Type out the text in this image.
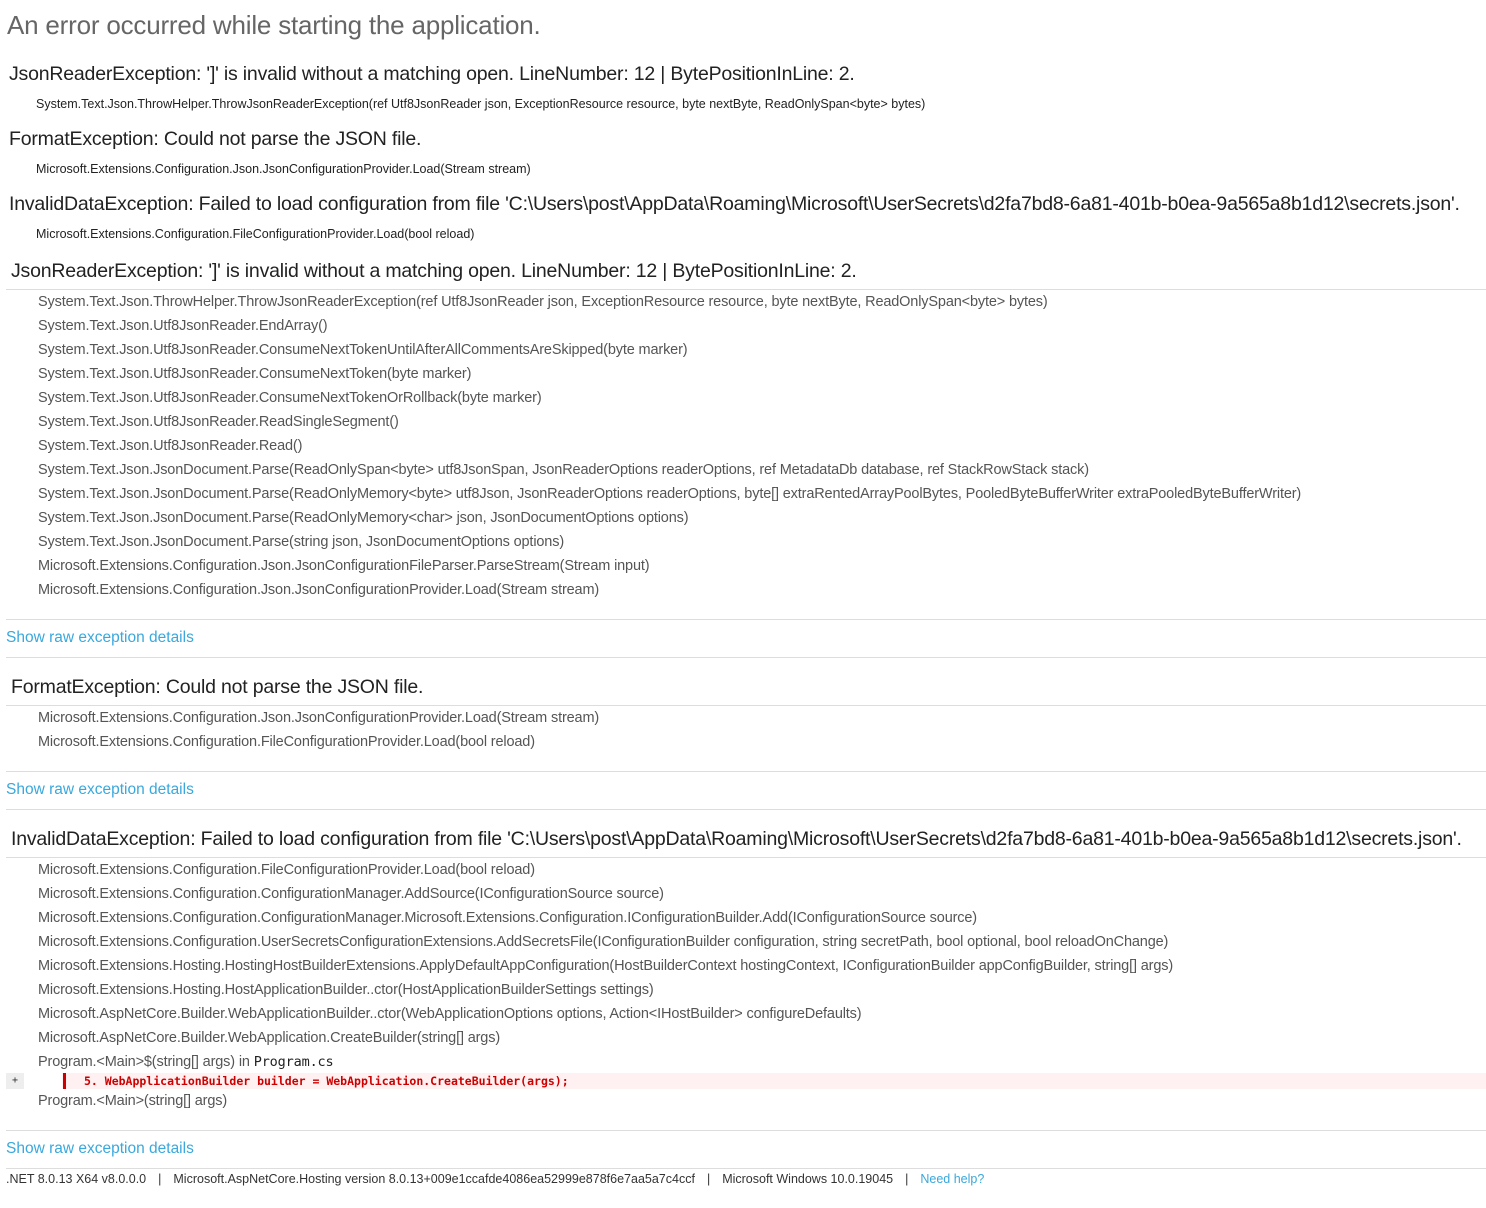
An error occurred while starting the application.
JsonReaderException: ']' is invalid without a matching open. LineNumber: 12 | BytePositionInLine: 2.
System.Text.Json.ThrowHelper.ThrowJsonReaderException(ref Utf8JsonReader json, ExceptionResource resource, byte nextByte, ReadOnlySpan<byte> bytes)
FormatException: Could not parse the JSON file.
Microsoft.Extensions.Configuration.Json.JsonConfigurationProvider.Load(Stream stream)
InvalidDataException: Failed to load configuration from file 'C:\Users\post\AppData\Roaming\Microsoft\UserSecrets\d2fa7bd8-6a81-401b-b0ea-9a565a8b1d12\secrets.json'.
Microsoft.Extensions.Configuration.FileConfigurationProvider.Load(bool reload)
JsonReaderException: ']' is invalid without a matching open. LineNumber: 12 | BytePositionInLine: 2.
System.Text.Json.ThrowHelper.ThrowJsonReaderException(ref Utf8JsonReader json, ExceptionResource resource, byte nextByte, ReadOnlySpan<byte> bytes)
System.Text.Json.Utf8JsonReader.EndArray()
System.Text.Json.Utf8JsonReader.ConsumeNextTokenUntilAfterAllCommentsAreSkipped(byte marker)
System.Text.Json.Utf8JsonReader.ConsumeNextToken(byte marker)
System.Text.Json.Utf8JsonReader.ConsumeNextTokenOrRollback(byte marker)
System.Text.Json.Utf8JsonReader.ReadSingleSegment()
System.Text.Json.Utf8JsonReader.Read()
System.Text.Json.JsonDocument.Parse(ReadOnlySpan<byte> utf8JsonSpan, JsonReaderOptions readerOptions, ref MetadataDb database, ref StackRowStack stack)
System.Text.Json.JsonDocument.Parse(ReadOnlyMemory<byte> utf8Json, JsonReaderOptions readerOptions, byte[] extraRentedArrayPoolBytes, PooledByteBufferWriter extraPooledByteBufferWriter)
System.Text.Json.JsonDocument.Parse(ReadOnlyMemory<char> json, JsonDocumentOptions options)
System.Text.Json.JsonDocument.Parse(string json, JsonDocumentOptions options)
Microsoft.Extensions.Configuration.Json.JsonConfigurationFileParser.ParseStream(Stream input)
Microsoft.Extensions.Configuration.Json.JsonConfigurationProvider.Load(Stream stream)
Show raw exception details
FormatException: Could not parse the JSON file.
Microsoft.Extensions.Configuration.Json.JsonConfigurationProvider.Load(Stream stream)
Microsoft.Extensions.Configuration.FileConfigurationProvider.Load(bool reload)
Show raw exception details
InvalidDataException: Failed to load configuration from file 'C:\Users\post\AppData\Roaming\Microsoft\UserSecrets\d2fa7bd8-6a81-401b-b0ea-9a565a8b1d12\secrets.json'.
Microsoft.Extensions.Configuration.FileConfigurationProvider.Load(bool reload)
Microsoft.Extensions.Configuration.ConfigurationManager.AddSource(IConfigurationSource source)
Microsoft.Extensions.Configuration.ConfigurationManager.Microsoft.Extensions.Configuration.IConfigurationBuilder.Add(IConfigurationSource source)
Microsoft.Extensions.Configuration.UserSecretsConfigurationExtensions.AddSecretsFile(IConfigurationBuilder configuration, string secretPath, bool optional, bool reloadOnChange)
Microsoft.Extensions.Hosting.HostingHostBuilderExtensions.ApplyDefaultAppConfiguration(HostBuilderContext hostingContext, IConfigurationBuilder appConfigBuilder, string[] args)
Microsoft.Extensions.Hosting.HostApplicationBuilder..ctor(HostApplicationBuilderSettings settings)
Microsoft.AspNetCore.Builder.WebApplicationBuilder..ctor(WebApplicationOptions options, Action<IHostBuilder> configureDefaults)
Microsoft.AspNetCore.Builder.WebApplication.CreateBuilder(string[] args)
Program.<Main>$(string[] args) in Program.cs
+	5. WebApplicationBuilder builder = WebApplication.CreateBuilder(args);
Program.<Main>(string[] args)
Show raw exception details
.NET 8.0.13 X64 v8.0.0.0 | Microsoft.AspNetCore.Hosting version 8.0.13+009e1ccafde4086ea52999e878f6e7aa5a7c4ccf | Microsoft Windows 10.0.19045 | Need help?
